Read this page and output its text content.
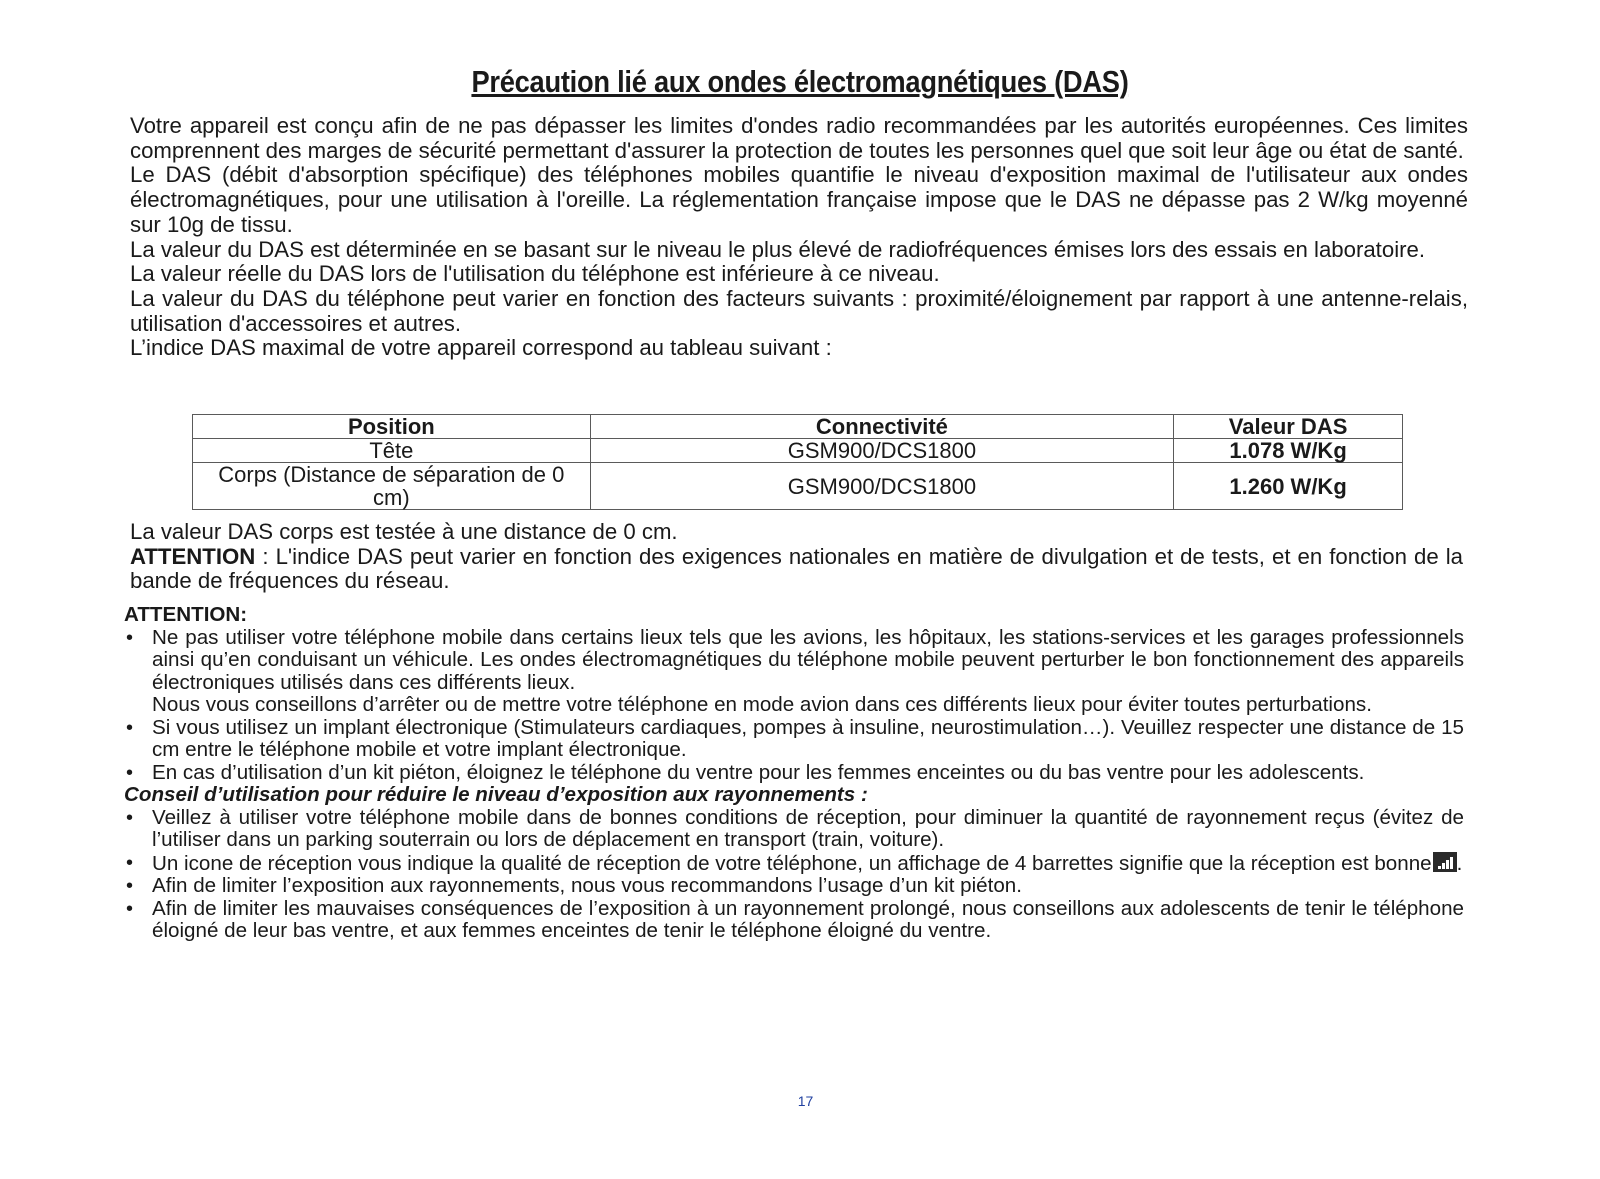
Précaution lié aux ondes électromagnétiques (DAS)

Votre appareil est conçu afin de ne pas dépasser les limites d'ondes radio recommandées par les autorités européennes. Ces limites comprennent des marges de sécurité permettant d'assurer la protection de toutes les personnes quel que soit leur âge ou état de santé.

Le DAS (débit d'absorption spécifique) des téléphones mobiles quantifie le niveau d'exposition maximal de l'utilisateur aux ondes électromagnétiques, pour une utilisation à l'oreille. La réglementation française impose que le DAS ne dépasse pas 2 W/kg moyenné sur 10g de tissu.

La valeur du DAS est déterminée en se basant sur le niveau le plus élevé de radiofréquences émises lors des essais en laboratoire.

La valeur réelle du DAS lors de l'utilisation du téléphone est inférieure à ce niveau.

La valeur du DAS du téléphone peut varier en fonction des facteurs suivants : proximité/éloignement par rapport à une antenne-relais, utilisation d'accessoires et autres.

L’indice DAS maximal de votre appareil correspond au tableau suivant :

Position	Connectivité	Valeur DAS
Tête	GSM900/DCS1800	1.078 W/Kg
Corps (Distance de séparation de 0 cm)	GSM900/DCS1800	1.260 W/Kg

La valeur DAS corps est testée à une distance de 0 cm.

ATTENTION : L'indice DAS peut varier en fonction des exigences nationales en matière de divulgation et de tests, et en fonction de la bande de fréquences du réseau.

ATTENTION:
• Ne pas utiliser votre téléphone mobile dans certains lieux tels que les avions, les hôpitaux, les stations-services et les garages professionnels ainsi qu’en conduisant un véhicule. Les ondes électromagnétiques du téléphone mobile peuvent perturber le bon fonctionnement des appareils électroniques utilisés dans ces différents lieux.

Nous vous conseillons d’arrêter ou de mettre votre téléphone en mode avion dans ces différents lieux pour éviter toutes perturbations.

• Si vous utilisez un implant électronique (Stimulateurs cardiaques, pompes à insuline, neurostimulation…). Veuillez respecter une distance de 15 cm entre le téléphone mobile et votre implant électronique.

• En cas d’utilisation d’un kit piéton, éloignez le téléphone du ventre pour les femmes enceintes ou du bas ventre pour les adolescents.

Conseil d’utilisation pour réduire le niveau d’exposition aux rayonnements :
• Veillez à utiliser votre téléphone mobile dans de bonnes conditions de réception, pour diminuer la quantité de rayonnement reçus (évitez de l’utiliser dans un parking souterrain ou lors de déplacement en transport (train, voiture).

• Un icone de réception vous indique la qualité de réception de votre téléphone, un affichage de 4 barrettes signifie que la réception est bonne .

• Afin de limiter l’exposition aux rayonnements, nous vous recommandons l’usage d’un kit piéton.

• Afin de limiter les mauvaises conséquences de l’exposition à un rayonnement prolongé, nous conseillons aux adolescents de tenir le téléphone éloigné de leur bas ventre, et aux femmes enceintes de tenir le téléphone éloigné du ventre.

17
